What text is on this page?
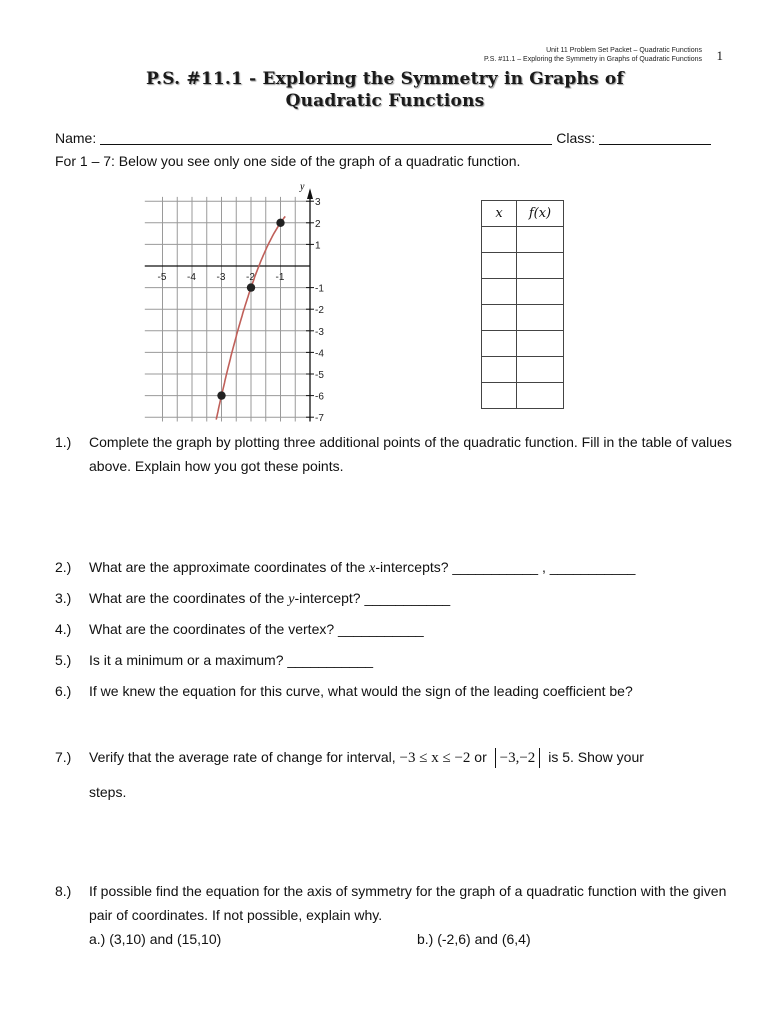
Unit 11 Problem Set Packet – Quadratic Functions
P.S. #11.1 – Exploring the Symmetry in Graphs of Quadratic Functions 1
P.S. #11.1 - Exploring the Symmetry in Graphs of
Quadratic Functions
Name:	Class:
For 1 – 7: Below you see only one side of the graph of a quadratic function.
y
-5 -4 -3 -2 -1
3
2
1
-1
-2
-3
-4
-5
-6
-7
x	f(x)

1.) Complete the graph by plotting three additional points of the quadratic function. Fill in the table of values above. Explain how you got these points.
2.) What are the approximate coordinates of the x-intercepts? ___________ , ___________
3.) What are the coordinates of the y-intercept? ___________
4.) What are the coordinates of the vertex? ___________
5.) Is it a minimum or a maximum? ___________
6.) If we knew the equation for this curve, what would the sign of the leading coefficient be?
7.) Verify that the average rate of change for interval, −3 ≤ x ≤ −2 or −3,−2 is 5. Show your
steps.
8.) If possible find the equation for the axis of symmetry for the graph of a quadratic function with the given pair of coordinates. If not possible, explain why.
a.) (3,10) and (15,10)	b.) (-2,6) and (6,4)
